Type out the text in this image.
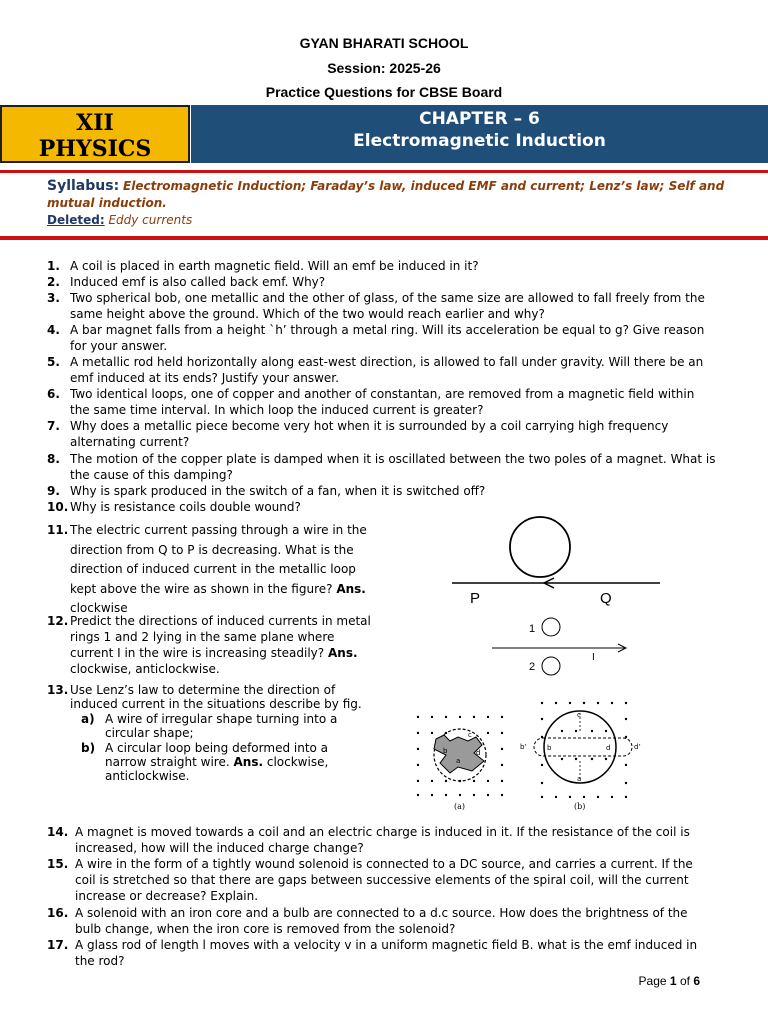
GYAN BHARATI SCHOOL
Session: 2025-26
Practice Questions for CBSE Board
XII
PHYSICS
CHAPTER – 6
Electromagnetic Induction
Syllabus: Electromagnetic Induction; Faraday’s law, induced EMF and current; Lenz’s law; Self and mutual induction.
Deleted: Eddy currents
1. A coil is placed in earth magnetic field. Will an emf be induced in it?
2. Induced emf is also called back emf. Why?
3. Two spherical bob, one metallic and the other of glass, of the same size are allowed to fall freely from the same height above the ground. Which of the two would reach earlier and why?
4. A bar magnet falls from a height `h’ through a metal ring. Will its acceleration be equal to g? Give reason for your answer.
5. A metallic rod held horizontally along east-west direction, is allowed to fall under gravity. Will there be an emf induced at its ends? Justify your answer.
6. Two identical loops, one of copper and another of constantan, are removed from a magnetic field within the same time interval. In which loop the induced current is greater?
7. Why does a metallic piece become very hot when it is surrounded by a coil carrying high frequency alternating current?
8. The motion of the copper plate is damped when it is oscillated between the two poles of a magnet. What is the cause of this damping?
9. Why is spark produced in the switch of a fan, when it is switched off?
10. Why is resistance coils double wound?
11. The electric current passing through a wire in the direction from Q to P is decreasing. What is the direction of induced current in the metallic loop kept above the wire as shown in the figure? Ans. clockwise
12. Predict the directions of induced currents in metal rings 1 and 2 lying in the same plane where current I in the wire is increasing steadily? Ans. clockwise, anticlockwise.
13. Use Lenz’s law to determine the direction of induced current in the situations describe by fig.
a) A wire of irregular shape turning into a circular shape;
b) A circular loop being deformed into a narrow straight wire. Ans. clockwise, anticlockwise.
P	Q
1
I
2
c
b	d
a
(a)
c
b	d
a
b’	d’
(b)
14. A magnet is moved towards a coil and an electric charge is induced in it. If the resistance of the coil is increased, how will the induced charge change?
15. A wire in the form of a tightly wound solenoid is connected to a DC source, and carries a current. If the coil is stretched so that there are gaps between successive elements of the spiral coil, will the current increase or decrease? Explain.
16. A solenoid with an iron core and a bulb are connected to a d.c source. How does the brightness of the bulb change, when the iron core is removed from the solenoid?
17. A glass rod of length l moves with a velocity v in a uniform magnetic field B. what is the emf induced in the rod?
Page 1 of 6
